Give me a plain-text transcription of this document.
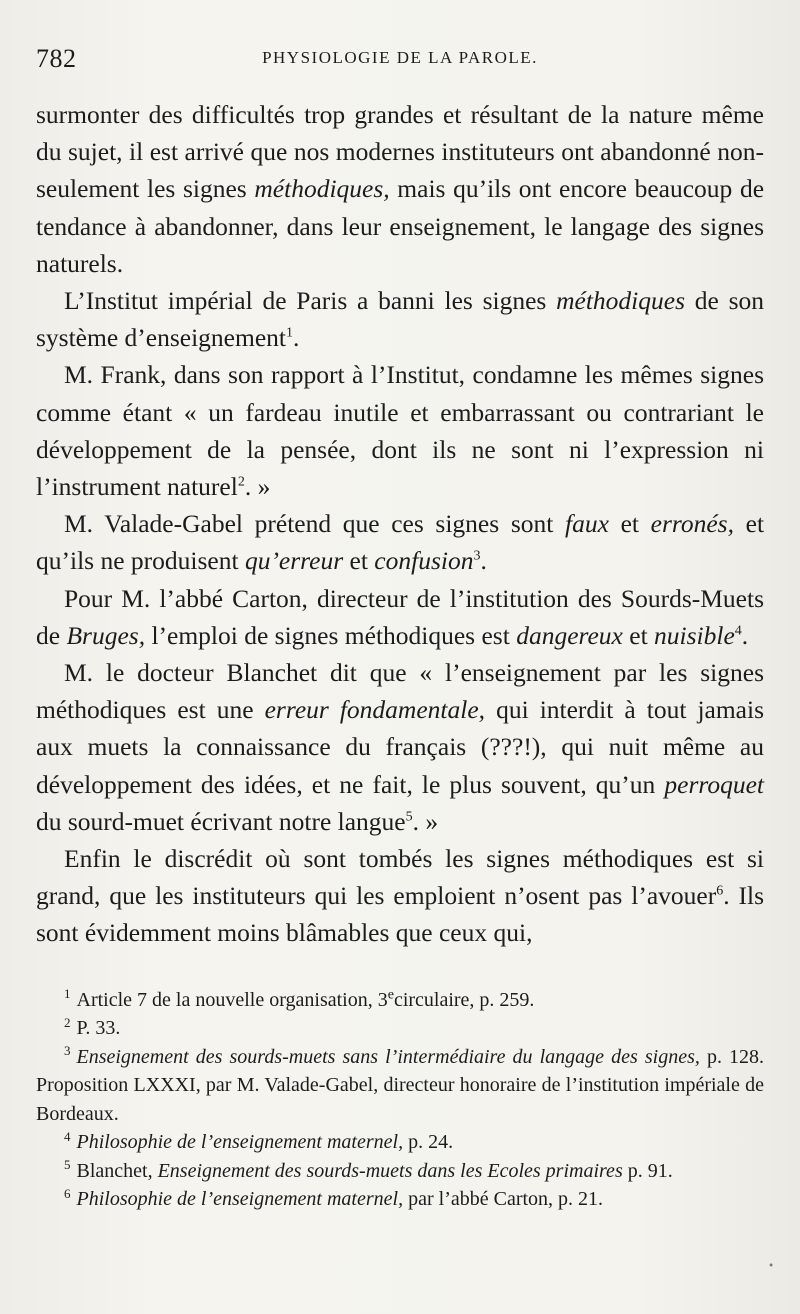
782	PHYSIOLOGIE DE LA PAROLE.

surmonter des difficultés trop grandes et résultant de la nature même du sujet, il est arrivé que nos modernes instituteurs ont abandonné non-seulement les signes méthodiques, mais qu’ils ont encore beaucoup de tendance à abandonner, dans leur enseignement, le langage des signes naturels.

L’Institut impérial de Paris a banni les signes méthodiques de son système d’enseignement$^1$.

M. Frank, dans son rapport à l’Institut, condamne les mêmes signes comme étant « un fardeau inutile et embarrassant ou contrariant le développement de la pensée, dont ils ne sont ni l’expression ni l’instrument naturel$^2$. »

M. Valade-Gabel prétend que ces signes sont faux et erronés, et qu’ils ne produisent qu’erreur et confusion$^3$.

Pour M. l’abbé Carton, directeur de l’institution des Sourds-Muets de Bruges, l’emploi de signes méthodiques est dangereux et nuisible$^4$.

M. le docteur Blanchet dit que « l’enseignement par les signes méthodiques est une erreur fondamentale, qui interdit à tout jamais aux muets la connaissance du français (???!), qui nuit même au développement des idées, et ne fait, le plus souvent, qu’un perroquetdu sourd-muet écrivant notre langue$^5$. »

Enfin le discrédit où sont tombés les signes méthodiques est si grand, que les instituteurs qui les emploient n’osent pas l’avouer$^6$. Ils sont évidemment moins blâmables que ceux qui,

$^1$ Article 7 de la nouvelle organisation, 3ecirculaire, p. 259.

$^2$ P. 33.

$^3$ Enseignement des sourds-muets sans l’intermédiaire du langage des signes, p. 128. Proposition LXXXI, par M. Valade-Gabel, directeur honoraire de l’institution impériale de Bordeaux.

$^4$ Philosophie de l’enseignement maternel, p. 24.

$^5$ Blanchet, Enseignement des sourds-muets dans les Ecoles primaires p. 91.

$^6$ Philosophie de l’enseignement maternel, par l’abbé Carton, p. 21.

•
